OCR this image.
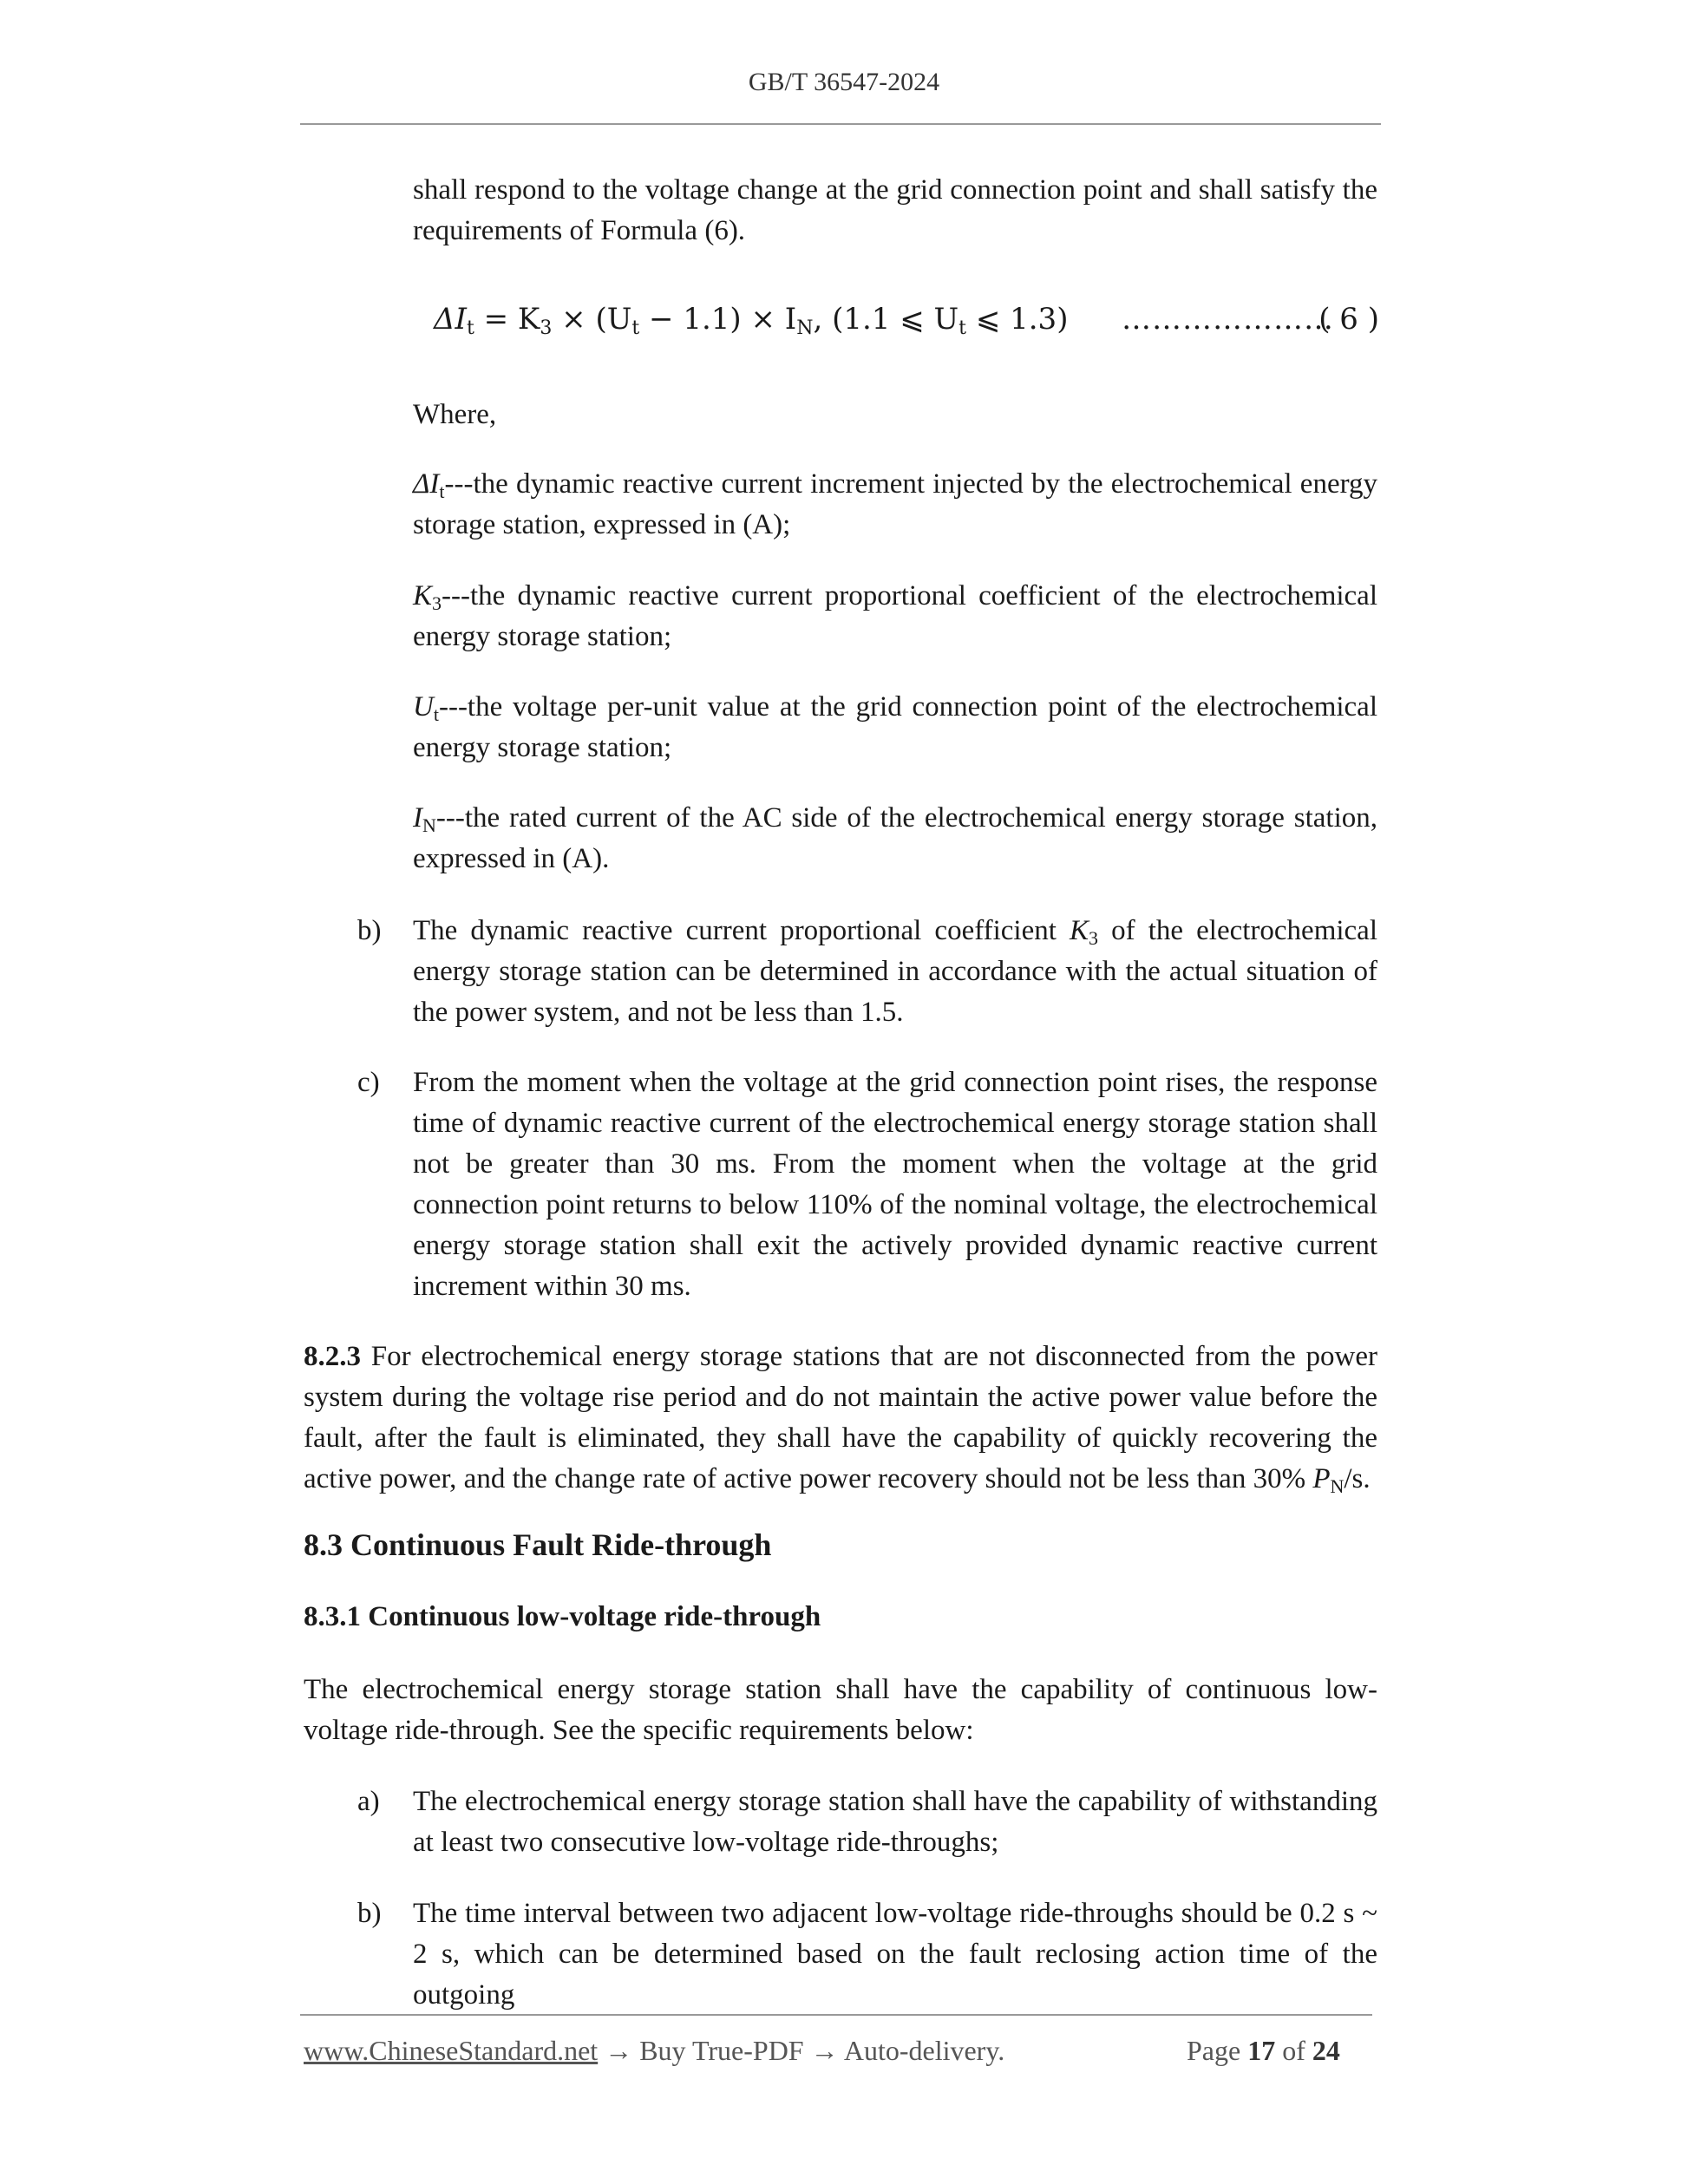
GB/T 36547-2024

shall respond to the voltage change at the grid connection point and shall satisfy the requirements of Formula (6).

$\Delta I_t = K_3 \times (U_t - 1.1) \times I_N$, (1.1 ⩽ $U_t$ ⩽ 1.3) …………………
( 6 )

Where,

$\Delta I_t--$-the dynamic reactive current increment injected by the electrochemical energy storage station, expressed in (A);

$K_3--$-the dynamic reactive current proportional coefficient of the electrochemical energy storage station;

$U_t--$-the voltage per-unit value at the grid connection point of the electrochemical energy storage station;

$I_N--$-the rated current of the AC side of the electrochemical energy storage station, expressed in (A).

b) The dynamic reactive current proportional coefficient $K_3$ of the electrochemical energy storage station can be determined in accordance with the actual situation of the power system, and not be less than 1.5.

c) From the moment when the voltage at the grid connection point rises, the response time of dynamic reactive current of the electrochemical energy storage station shall not be greater than 30 ms. From the moment when the voltage at the grid connection point returns to below 110% of the nominal voltage, the electrochemical energy storage station shall exit the actively provided dynamic reactive current increment within 30 ms.

8.2.3 For electrochemical energy storage stations that are not disconnected from the power system during the voltage rise period and do not maintain the active power value before the fault, after the fault is eliminated, they shall have the capability of quickly recovering the active power, and the change rate of active power recovery should not be less than 30% $P_N/s$.

8.3 Continuous Fault Ride-through
8.3.1 Continuous low-voltage ride-through

The electrochemical energy storage station shall have the capability of continuous low-voltage ride-through. See the specific requirements below:

a) The electrochemical energy storage station shall have the capability of withstanding at least two consecutive low-voltage ride-throughs;

b) The time interval between two adjacent low-voltage ride-throughs should be 0.2 s ~ 2 s, which can be determined based on the fault reclosing action time of the outgoing

www.ChineseStandard.net → Buy True-PDF → Auto-delivery.	Page 17 of 24
